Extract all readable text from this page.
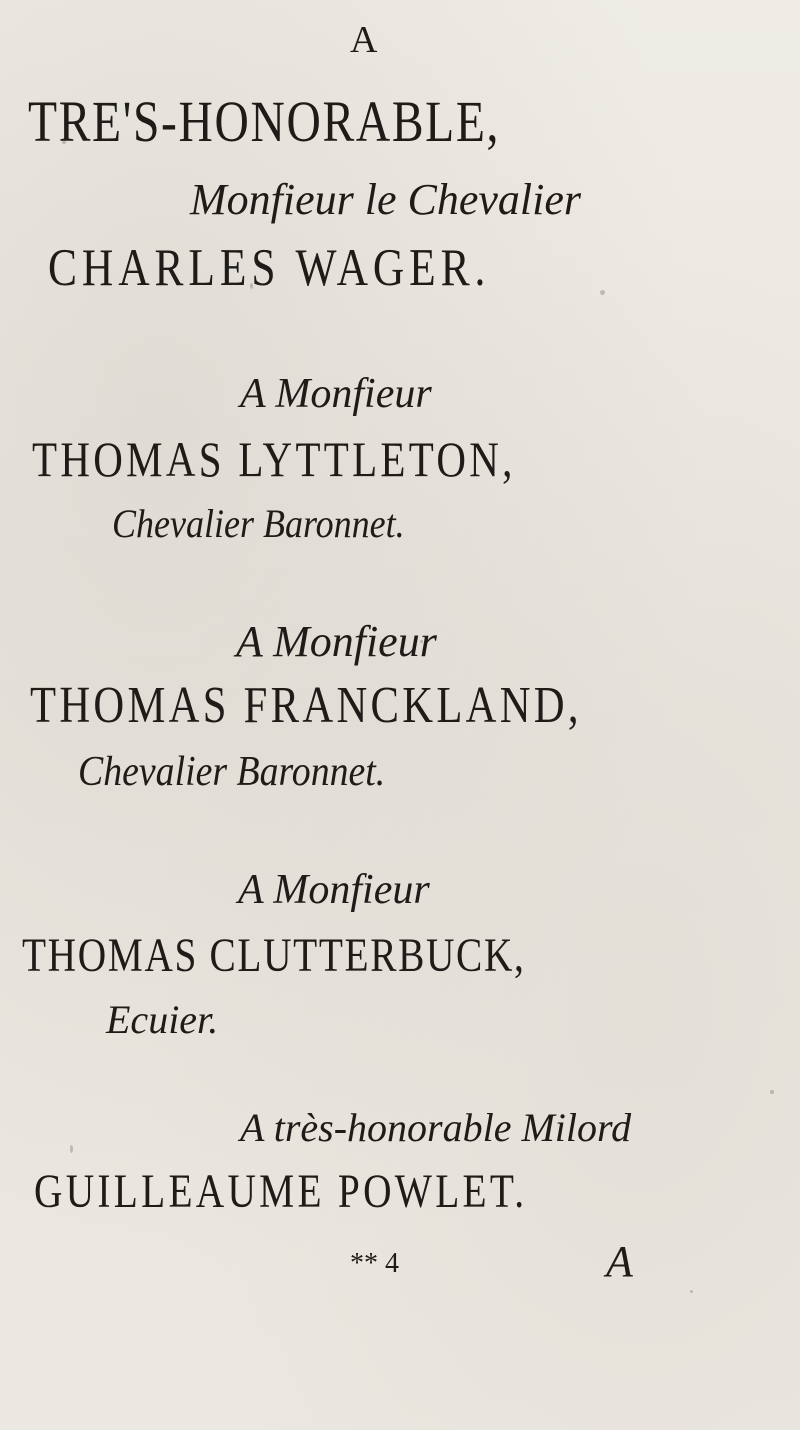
A
TRE'S-HONORABLE,
Monfieur le Chevalier
CHARLES WAGER.
A Monfieur
THOMAS LYTTLETON,
Chevalier Baronnet.
A Monfieur
THOMAS FRANCKLAND,
Chevalier Baronnet.
A Monfieur
THOMAS CLUTTERBUCK,
Ecuier.
A très-honorable Milord
GUILLEAUME POWLET.
** 4	A
